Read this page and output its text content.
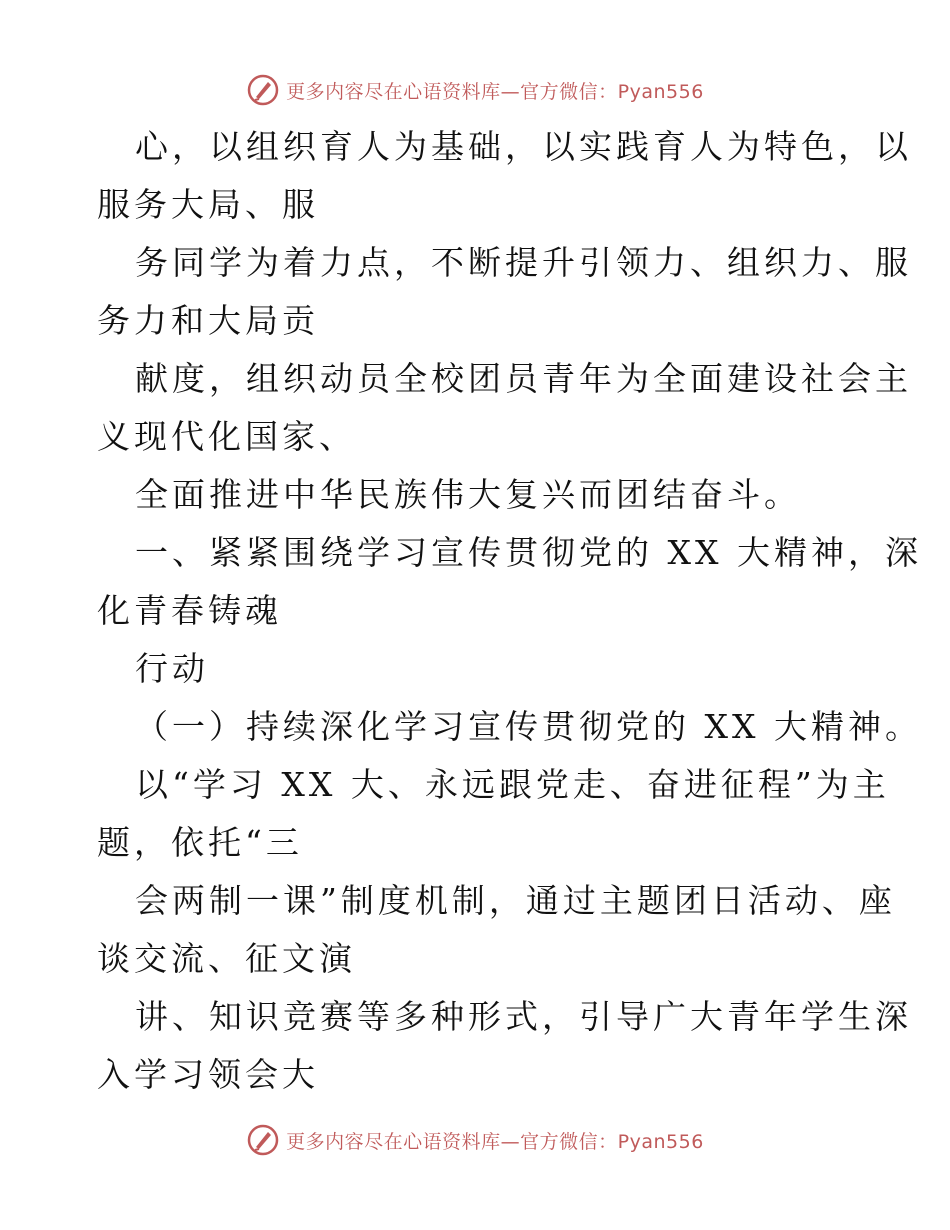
更多内容尽在心语资料库—官方微信：Pyan556
心，以组织育人为基础，以实践育人为特色，以
服务大局、服
务同学为着力点，不断提升引领力、组织力、服
务力和大局贡
献度，组织动员全校团员青年为全面建设社会主
义现代化国家、
全面推进中华民族伟大复兴而团结奋斗。
一、紧紧围绕学习宣传贯彻党的 XX 大精神，深
化青春铸魂
行动
（一）持续深化学习宣传贯彻党的 XX 大精神。
以“学习 XX 大、永远跟党走、奋进征程”为主
题，依托“三
会两制一课”制度机制，通过主题团日活动、座
谈交流、征文演
讲、知识竞赛等多种形式，引导广大青年学生深
入学习领会大
更多内容尽在心语资料库—官方微信：Pyan556
